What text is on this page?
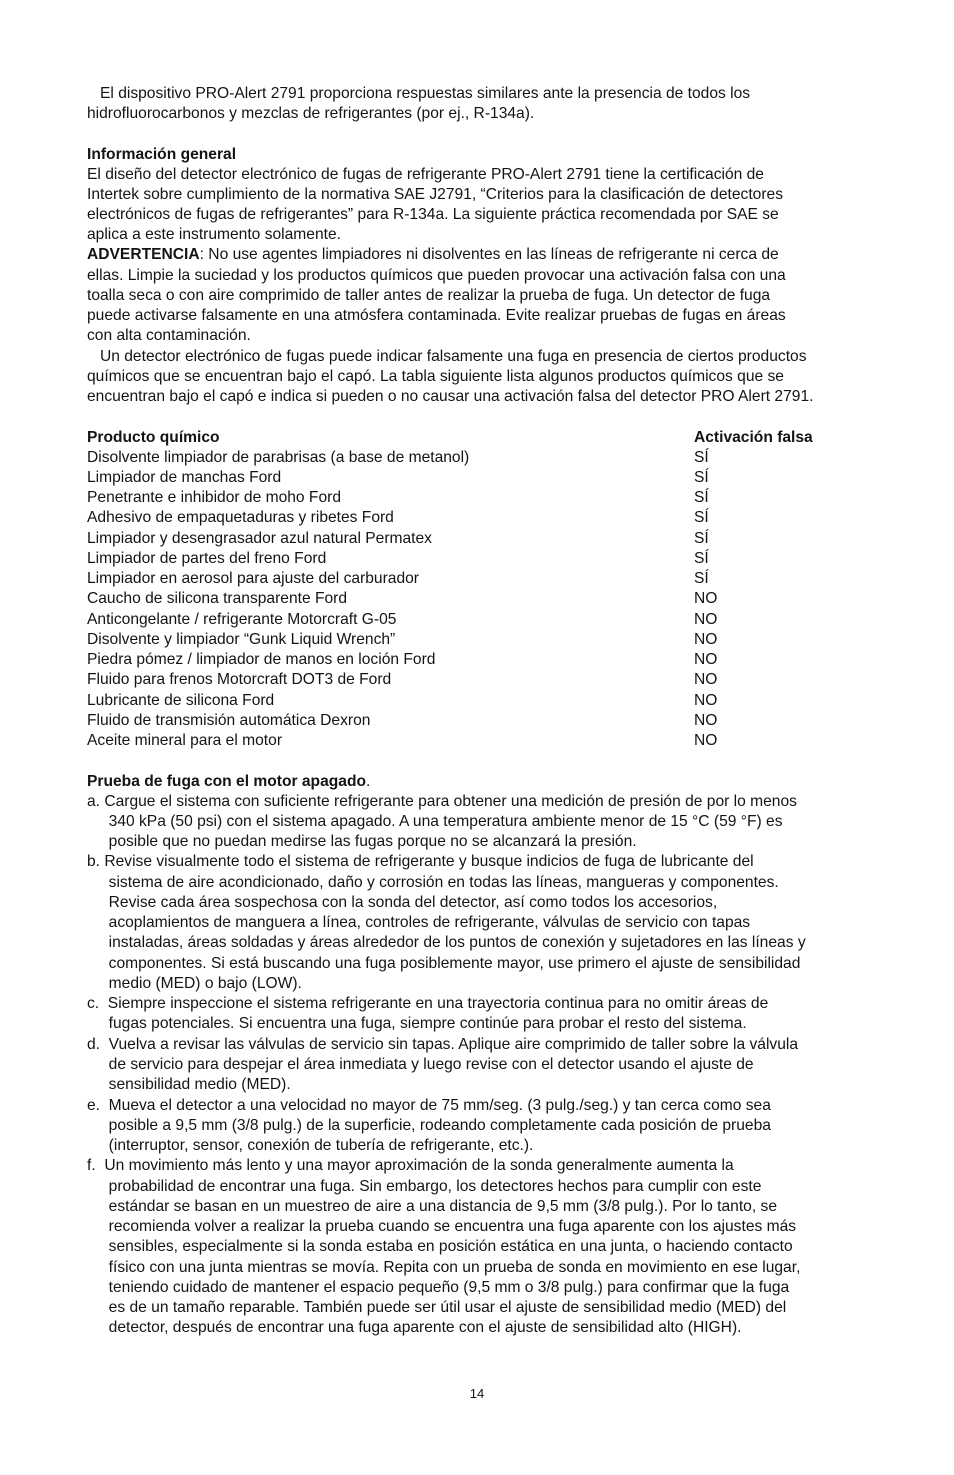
El dispositivo PRO-Alert 2791 proporciona respuestas similares ante la presencia de todos los
hidrofluorocarbonos y mezclas de refrigerantes (por ej., R-134a).
Información general
El diseño del detector electrónico de fugas de refrigerante PRO-Alert 2791 tiene la certificación de
Intertek sobre cumplimiento de la normativa SAE J2791, “Criterios para la clasificación de detectores
electrónicos de fugas de refrigerantes” para R-134a. La siguiente práctica recomendada por SAE se
aplica a este instrumento solamente.
ADVERTENCIA: No use agentes limpiadores ni disolventes en las líneas de refrigerante ni cerca de
ellas. Limpie la suciedad y los productos químicos que pueden provocar una activación falsa con una
toalla seca o con aire comprimido de taller antes de realizar la prueba de fuga. Un detector de fuga
puede activarse falsamente en una atmósfera contaminada. Evite realizar pruebas de fugas en áreas
con alta contaminación.
Un detector electrónico de fugas puede indicar falsamente una fuga en presencia de ciertos productos
químicos que se encuentran bajo el capó. La tabla siguiente lista algunos productos químicos que se
encuentran bajo el capó e indica si pueden o no causar una activación falsa del detector PRO Alert 2791.
Producto químico	Activación falsa
Disolvente limpiador de parabrisas (a base de metanol)	SÍ
Limpiador de manchas Ford	SÍ
Penetrante e inhibidor de moho Ford	SÍ
Adhesivo de empaquetaduras y ribetes Ford	SÍ
Limpiador y desengrasador azul natural Permatex	SÍ
Limpiador de partes del freno Ford	SÍ
Limpiador en aerosol para ajuste del carburador	SÍ
Caucho de silicona transparente Ford	NO
Anticongelante / refrigerante Motorcraft G-05	NO
Disolvente y limpiador “Gunk Liquid Wrench”	NO
Piedra pómez / limpiador de manos en loción Ford	NO
Fluido para frenos Motorcraft DOT3 de Ford	NO
Lubricante de silicona Ford	NO
Fluido de transmisión automática Dexron	NO
Aceite mineral para el motor	NO
Prueba de fuga con el motor apagado.
a. Cargue el sistema con suficiente refrigerante para obtener una medición de presión de por lo menos
340 kPa (50 psi) con el sistema apagado. A una temperatura ambiente menor de 15 °C (59 °F) es
posible que no puedan medirse las fugas porque no se alcanzará la presión.
b. Revise visualmente todo el sistema de refrigerante y busque indicios de fuga de lubricante del
sistema de aire acondicionado, daño y corrosión en todas las líneas, mangueras y componentes.
Revise cada área sospechosa con la sonda del detector, así como todos los accesorios,
acoplamientos de manguera a línea, controles de refrigerante, válvulas de servicio con tapas
instaladas, áreas soldadas y áreas alrededor de los puntos de conexión y sujetadores en las líneas y
componentes. Si está buscando una fuga posiblemente mayor, use primero el ajuste de sensibilidad
medio (MED) o bajo (LOW).
c.  Siempre inspeccione el sistema refrigerante en una trayectoria continua para no omitir áreas de
fugas potenciales. Si encuentra una fuga, siempre continúe para probar el resto del sistema.
d.  Vuelva a revisar las válvulas de servicio sin tapas. Aplique aire comprimido de taller sobre la válvula
de servicio para despejar el área inmediata y luego revise con el detector usando el ajuste de
sensibilidad medio (MED).
e.  Mueva el detector a una velocidad no mayor de 75 mm/seg. (3 pulg./seg.) y tan cerca como sea
posible a 9,5 mm (3/8 pulg.) de la superficie, rodeando completamente cada posición de prueba
(interruptor, sensor, conexión de tubería de refrigerante, etc.).
f.  Un movimiento más lento y una mayor aproximación de la sonda generalmente aumenta la
probabilidad de encontrar una fuga. Sin embargo, los detectores hechos para cumplir con este
estándar se basan en un muestreo de aire a una distancia de 9,5 mm (3/8 pulg.). Por lo tanto, se
recomienda volver a realizar la prueba cuando se encuentra una fuga aparente con los ajustes más
sensibles, especialmente si la sonda estaba en posición estática en una junta, o haciendo contacto
físico con una junta mientras se movía. Repita con un prueba de sonda en movimiento en ese lugar,
teniendo cuidado de mantener el espacio pequeño (9,5 mm o 3/8 pulg.) para confirmar que la fuga
es de un tamaño reparable. También puede ser útil usar el ajuste de sensibilidad medio (MED) del
detector, después de encontrar una fuga aparente con el ajuste de sensibilidad alto (HIGH).
14
